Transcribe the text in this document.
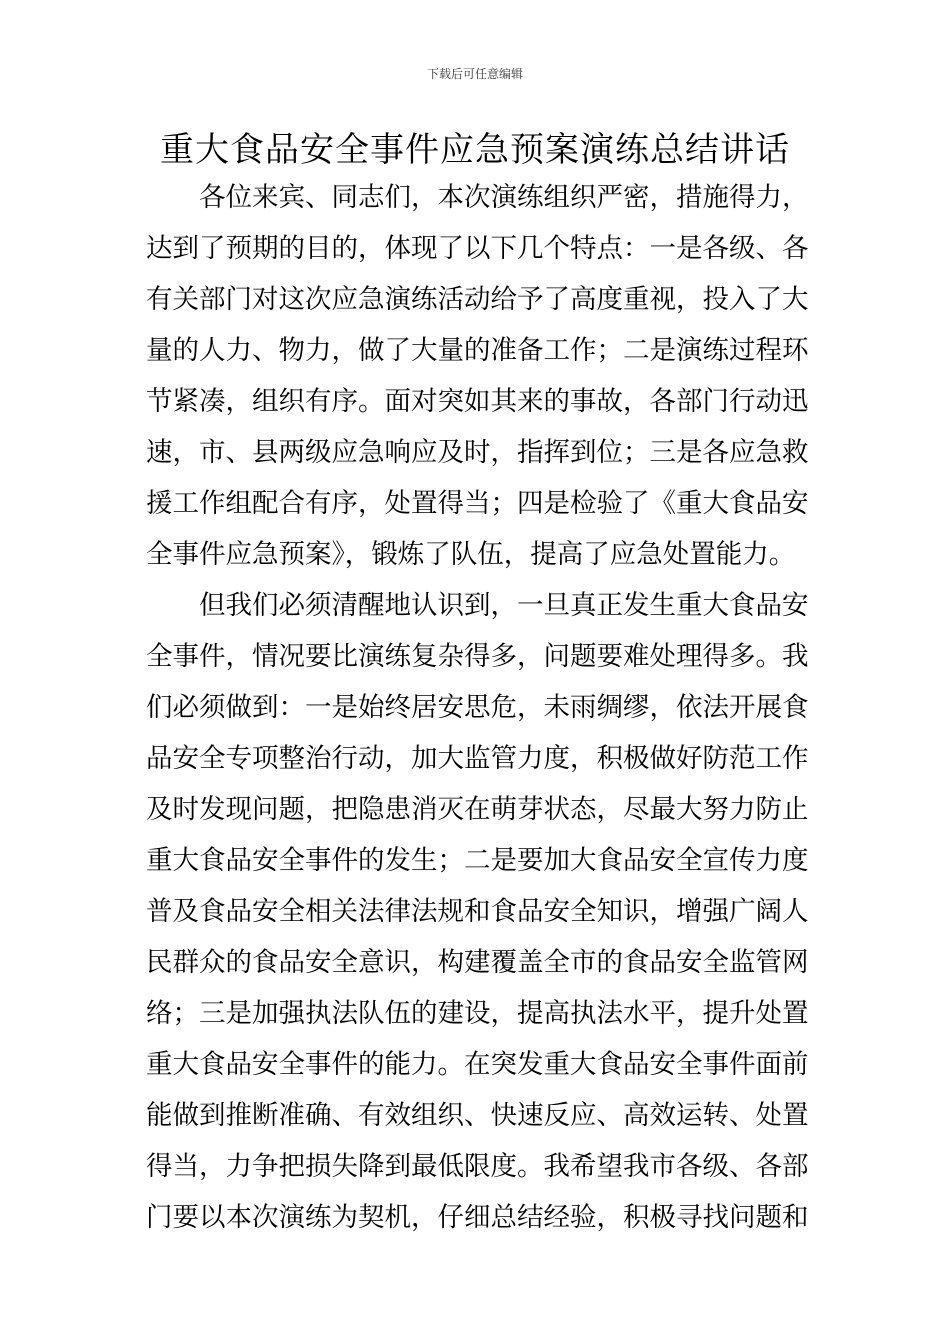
下载后可任意编辑
重大食品安全事件应急预案演练总结讲话
各位来宾、同志们，本次演练组织严密，措施得力，
达到了预期的目的，体现了以下几个特点：一是各级、各
有关部门对这次应急演练活动给予了高度重视，投入了大
量的人力、物力，做了大量的准备工作；二是演练过程环
节紧凑，组织有序。面对突如其来的事故，各部门行动迅
速，市、县两级应急响应及时，指挥到位；三是各应急救
援工作组配合有序，处置得当；四是检验了《重大食品安
全事件应急预案》，锻炼了队伍，提高了应急处置能力。
但我们必须清醒地认识到，一旦真正发生重大食品安
全事件，情况要比演练复杂得多，问题要难处理得多。我
们必须做到：一是始终居安思危，未雨绸缪，依法开展食
品安全专项整治行动，加大监管力度，积极做好防范工作
及时发现问题，把隐患消灭在萌芽状态，尽最大努力防止
重大食品安全事件的发生；二是要加大食品安全宣传力度
普及食品安全相关法律法规和食品安全知识，增强广阔人
民群众的食品安全意识，构建覆盖全市的食品安全监管网
络；三是加强执法队伍的建设，提高执法水平，提升处置
重大食品安全事件的能力。在突发重大食品安全事件面前
能做到推断准确、有效组织、快速反应、高效运转、处置
得当，力争把损失降到最低限度。我希望我市各级、各部
门要以本次演练为契机，仔细总结经验，积极寻找问题和
